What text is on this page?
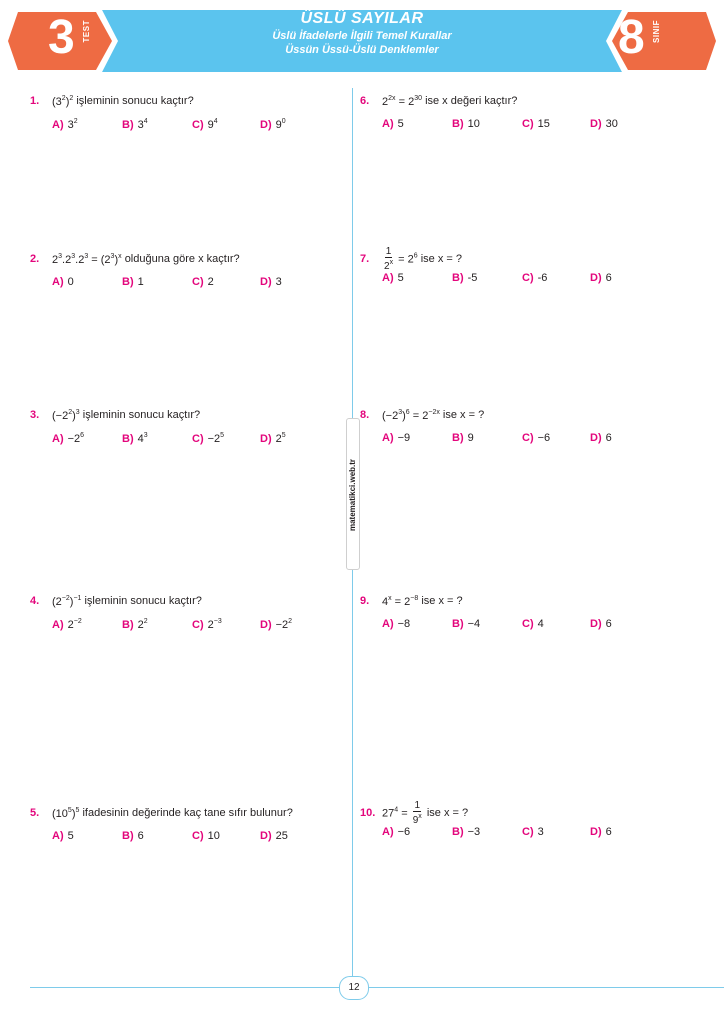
ÜSLÜ SAYILAR
Üslü İfadelerle İlgili Temel Kurallar
Üssün Üssü-Üslü Denklemler
3 TEST	8 SINIF
matematikci.web.tr
1.	$(3^2)^2$
işleminin sonucu kaçtır?
A) $3^2$	B) $3^4$	C) $9^4$	D) $9^0$
2.	$2^3.2^3.2^3 = (2^3)^x$
olduğuna göre x kaçtır?
A) 0	B) 1	C) 2	D) 3
3.	$(-2^2)^3$
işleminin sonucu kaçtır?
$A) -2^6$	B) $4^3$	$C) -2^5$	D) $2^5$
4.	$(2^{-2})^{-1}$
işleminin sonucu kaçtır?
A) $2^{-2}$	B) $2^2$	C) $2^{-3}$	$D) -2^2$
5.	$(10^5)^5$
ifadesinin değerinde kaç tane sıfır bulunur?
A) 5	B) 6	C) 10	D) 25
6.	$2^{2x} = 2^{30}$
ise x değeri kaçtır?
A) 5	B) 10	C) 15	D) 30
7.	$\frac{1}{2^x} = 2^6$
ise x = ?
A) 5	B) -5	C) -6	D) 6
8.	$(-2^3)^6 = 2^{-2x}$
ise x = ?
A) −9	B) 9	C) −6	D) 6
9.	$4^x = 2^{-8}$
ise x = ?
A) −8	B) −4	C) 4	D) 6
10. $27^4 = \frac{1}{9^x}$
ise x = ?
A) −6	B) −3	C) 3	D) 6
12
